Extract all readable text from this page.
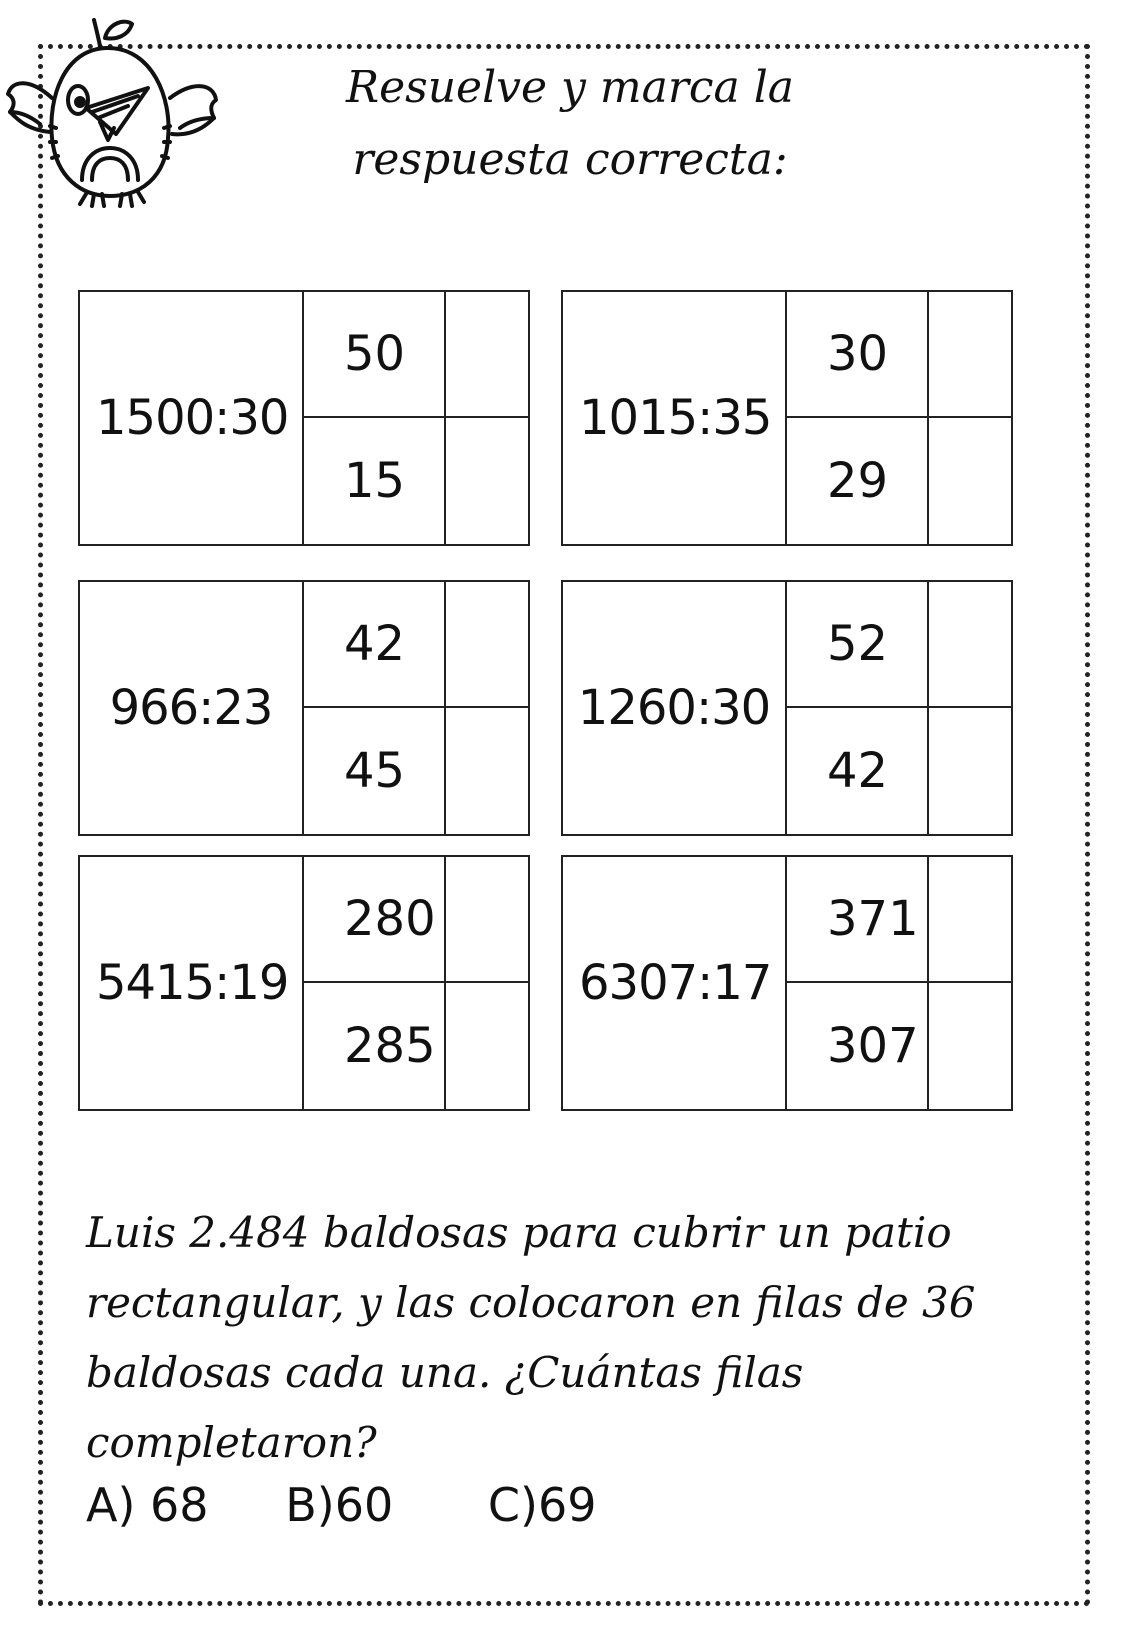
Resuelve y marca la
respuesta correcta:
1500:30
50
15
1015:35
30
29
966:23
42
45
1260:30
52
42
5415:19
280
285
6307:17
371
307
Luis 2.484 baldosas para cubrir un patio rectangular, y las colocaron en filas de 36 baldosas cada una. ¿Cuántas filas completaron?
A) 68 B)60 C)69
